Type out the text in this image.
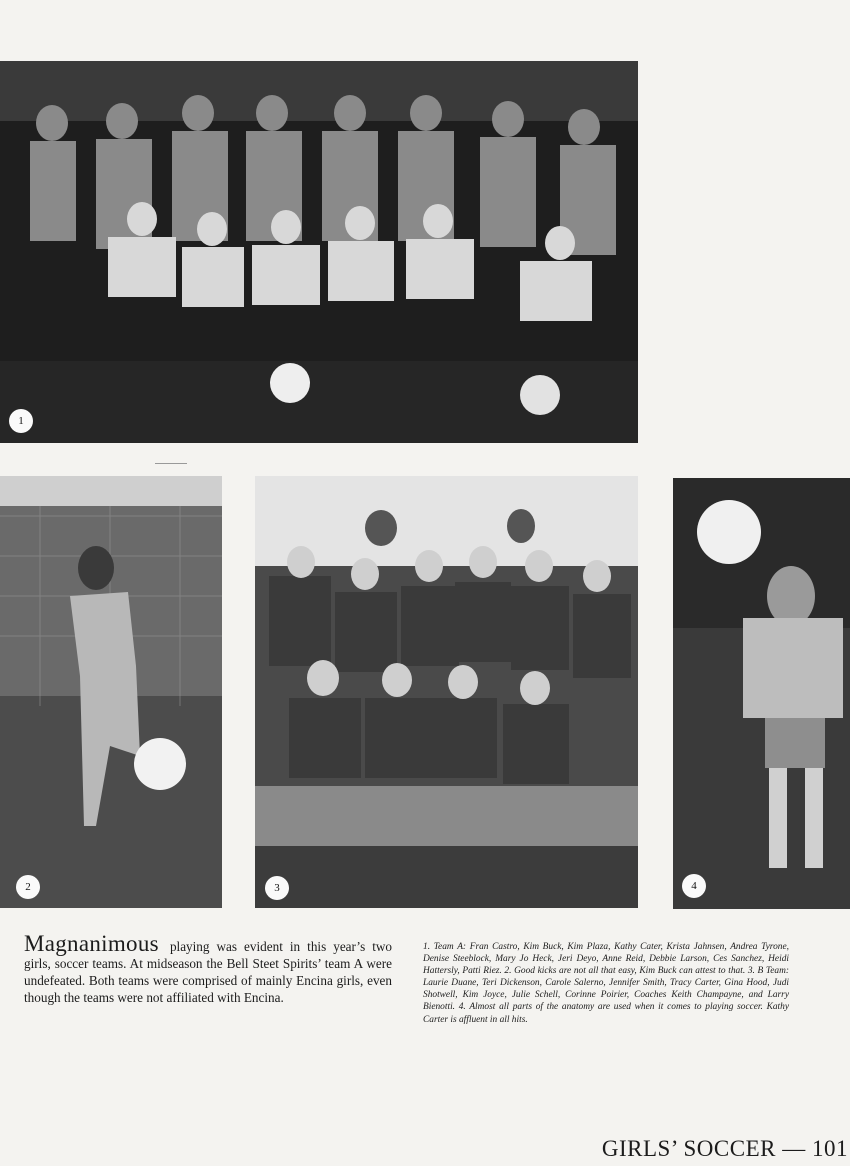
1
2	3	4
Magnanimous playing was evident in this year’s two girls, soccer teams. At midseason the Bell Steet Spirits’ team A were undefeated. Both teams were comprised of mainly Encina girls, even though the teams were not affiliated with Encina.
1. Team A: Fran Castro, Kim Buck, Kim Plaza, Kathy Cater, Krista Jahnsen, Andrea Tyrone, Denise Steeblock, Mary Jo Heck, Jeri Deyo, Anne Reid, Debbie Larson, Ces Sanchez, Heidi Hattersly, Patti Riez. 2. Good kicks are not all that easy, Kim Buck can attest to that. 3. B Team: Laurie Duane, Teri Dickenson, Carole Salerno, Jennifer Smith, Tracy Carter, Gina Hood, Judi Shotwell, Kim Joyce, Julie Schell, Corinne Poirier, Coaches Keith Champayne, and Larry Bienotti. 4. Almost all parts of the anatomy are used when it comes to playing soccer. Kathy Carter is affluent in all hits.
GIRLS’ SOCCER — 101
